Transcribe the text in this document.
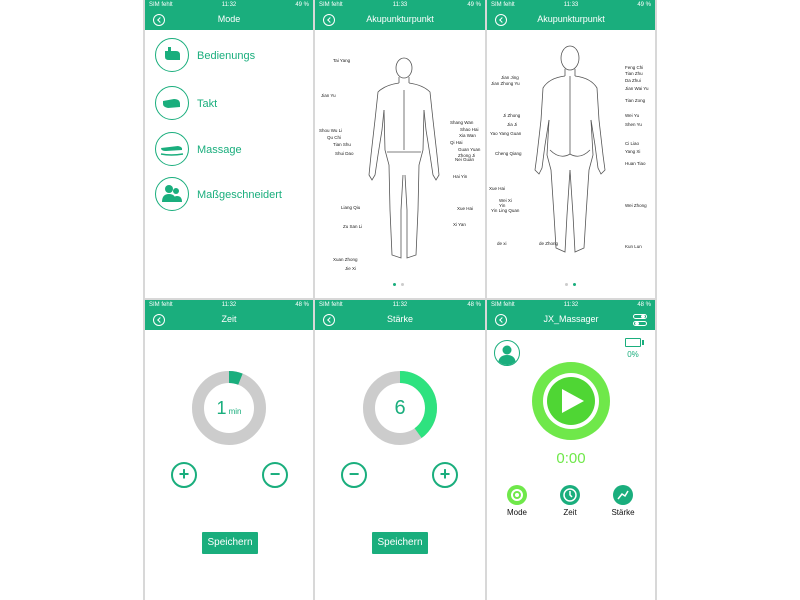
SIM fehlt	11:32	49 %
Mode
Bedienungs
Takt
Massage
Maßgeschneidert
SIM fehlt	11:33	49 %
Akupunkturpunkt
Tai Yang
Jian Yu
Shang Wan
Shao Hai
Xia Wan
Shou Wu Li
Qu Chi
Tian Shu	Qi Hai
Shui Dao
Guan Yuan
Zhong Ji
Nei Guan
Hai Yin
Liang Qiu	Xue Hai
Zu San Li	Xi Yan
Xuan Zhong
Jie Xi
SIM fehlt	11:33	49 %
Akupunkturpunkt
Feng Chi
Tian Zhu
Jian Jing
Da Zhui
Jian Zhong Yu
Jian Wai Yu
Tian Zong
Ji Zhong	Wei Yu
Jia Ji	Shen Yu
Yao Yang Guan
Ci Liao
Cheng Qiang	Yang Xi
Huan Tiao
Xue Hai
Wei Zhong
Wei Xi
Yin
Yin Ling Quan
Kun Lun
de xi	de Zhong
SIM fehlt	11:32	48 %
Zeit
1 min
+	−
Speichern
SIM fehlt	11:32	48 %
Stärke
6
−	+
Speichern
SIM fehlt	11:32	48 %
JX_Massager
0%
0:00
Mode	Zeit	Stärke
